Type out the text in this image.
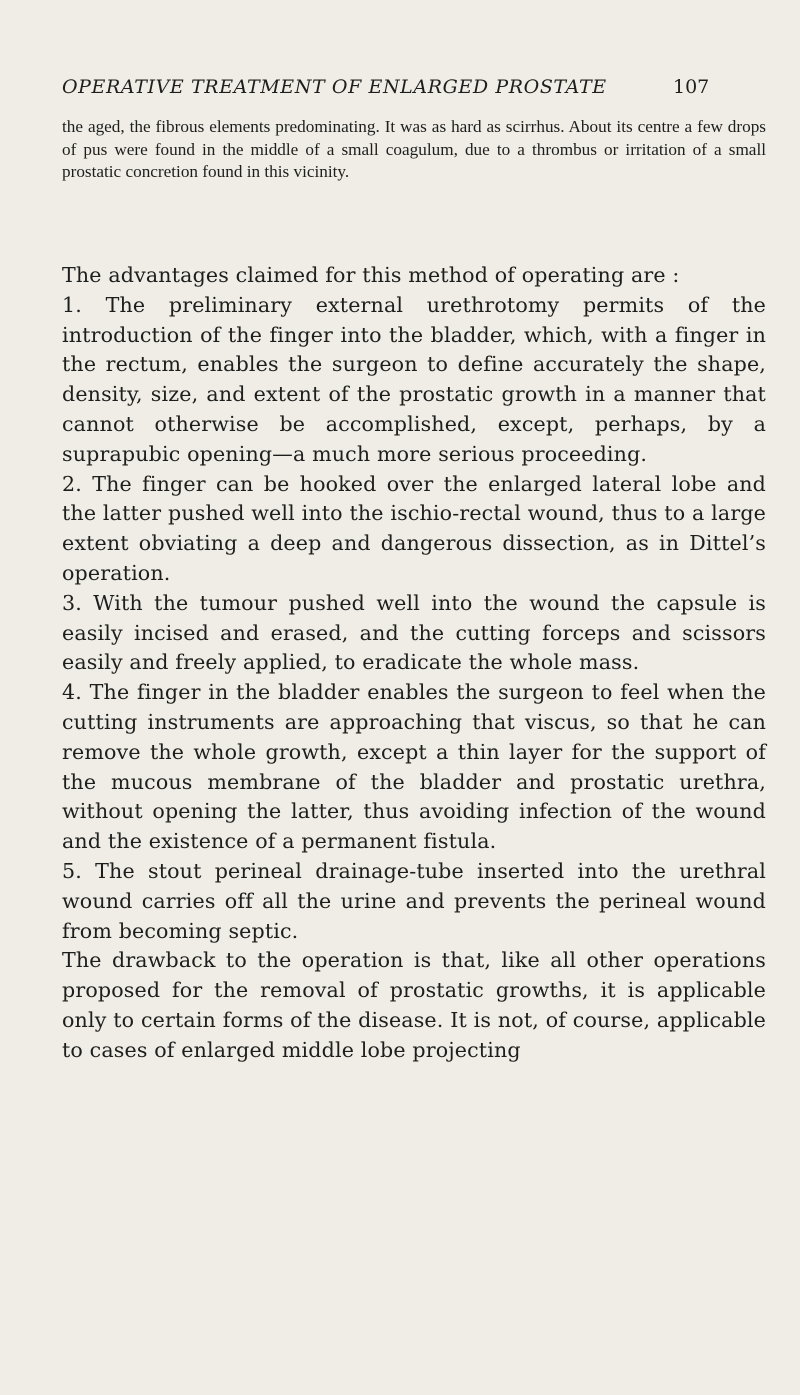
OPERATIVE TREATMENT OF ENLARGED PROSTATE	107

the aged, the fibrous elements predominating. It was as hard as scirrhus. About its centre a few drops of pus were found in the middle of a small coagulum, due to a thrombus or irritation of a small prostatic concretion found in this vicinity.

The advantages claimed for this method of operating are :

1. The preliminary external urethrotomy permits of the introduction of the finger into the bladder, which, with a finger in the rectum, enables the surgeon to define accurately the shape, density, size, and extent of the prostatic growth in a manner that cannot otherwise be accomplished, except, perhaps, by a suprapubic opening—a much more serious proceeding.

2. The finger can be hooked over the enlarged lateral lobe and the latter pushed well into the ischio-rectal wound, thus to a large extent obviating a deep and dangerous dissection, as in Dittel’s operation.

3. With the tumour pushed well into the wound the capsule is easily incised and erased, and the cutting forceps and scissors easily and freely applied, to eradicate the whole mass.

4. The finger in the bladder enables the surgeon to feel when the cutting instruments are approaching that viscus, so that he can remove the whole growth, except a thin layer for the support of the mucous membrane of the bladder and prostatic urethra, without opening the latter, thus avoiding infection of the wound and the existence of a permanent fistula.

5. The stout perineal drainage-tube inserted into the urethral wound carries off all the urine and prevents the perineal wound from becoming septic.

The drawback to the operation is that, like all other operations proposed for the removal of prostatic growths, it is applicable only to certain forms of the disease. It is not, of course, applicable to cases of enlarged middle lobe projecting
